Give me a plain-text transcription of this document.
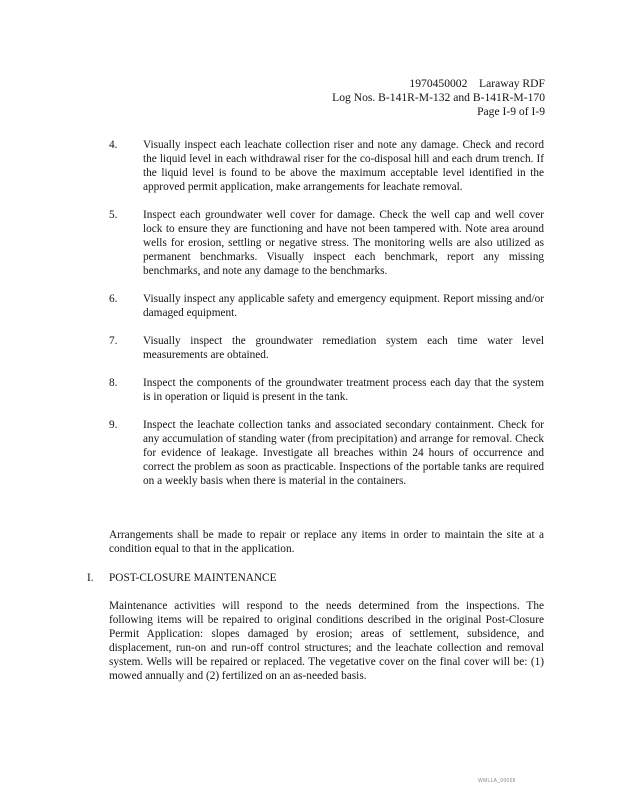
1970450002    Laraway RDF
Log Nos. B-141R-M-132 and B-141R-M-170
Page I-9 of I-9
4.	Visually inspect each leachate collection riser and note any damage. Check and record the liquid level in each withdrawal riser for the co-disposal hill and each drum trench. If the liquid level is found to be above the maximum acceptable level identified in the approved permit application, make arrangements for leachate removal.
5.	Inspect each groundwater well cover for damage. Check the well cap and well cover lock to ensure they are functioning and have not been tampered with. Note area around wells for erosion, settling or negative stress. The monitoring wells are also utilized as permanent benchmarks. Visually inspect each benchmark, report any missing benchmarks, and note any damage to the benchmarks.
6.	Visually inspect any applicable safety and emergency equipment. Report missing and/or damaged equipment.
7.	Visually inspect the groundwater remediation system each time water level measurements are obtained.
8.	Inspect the components of the groundwater treatment process each day that the system is in operation or liquid is present in the tank.
9.	Inspect the leachate collection tanks and associated secondary containment. Check for any accumulation of standing water (from precipitation) and arrange for removal. Check for evidence of leakage. Investigate all breaches within 24 hours of occurrence and correct the problem as soon as practicable. Inspections of the portable tanks are required on a weekly basis when there is material in the containers.
Arrangements shall be made to repair or replace any items in order to maintain the site at a condition equal to that in the application.
I. POST-CLOSURE MAINTENANCE
Maintenance activities will respond to the needs determined from the inspections. The following items will be repaired to original conditions described in the original Post-Closure Permit Application: slopes damaged by erosion; areas of settlement, subsidence, and displacement, run-on and run-off control structures; and the leachate collection and removal system. Wells will be repaired or replaced. The vegetative cover on the final cover will be: (1) mowed annually and (2) fertilized on an as-needed basis.
WMLLA_00058
